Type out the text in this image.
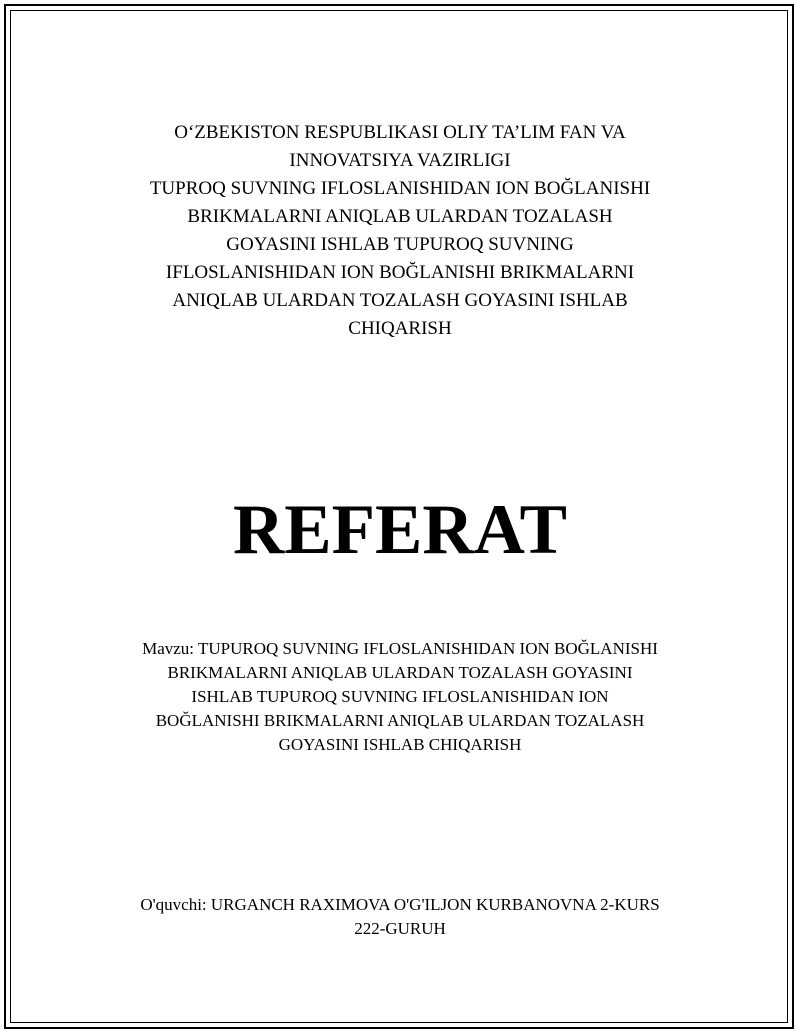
O‘ZBEKISTON RESPUBLIKASI OLIY TA’LIM FAN VA
INNOVATSIYA VAZIRLIGI
TUPROQ SUVNING IFLOSLANISHIDAN ION BOĞLANISHI
BRIKMALARNI ANIQLAB ULARDAN TOZALASH
GOYASINI ISHLAB TUPUROQ SUVNING
IFLOSLANISHIDAN ION BOĞLANISHI BRIKMALARNI
ANIQLAB ULARDAN TOZALASH GOYASINI ISHLAB
CHIQARISH
REFERAT
Mavzu: TUPUROQ SUVNING IFLOSLANISHIDAN ION BOĞLANISHI
BRIKMALARNI ANIQLAB ULARDAN TOZALASH GOYASINI
ISHLAB TUPUROQ SUVNING IFLOSLANISHIDAN ION
BOĞLANISHI BRIKMALARNI ANIQLAB ULARDAN TOZALASH
GOYASINI ISHLAB CHIQARISH
O'quvchi: URGANCH RAXIMOVA O'G'ILJON KURBANOVNA 2-KURS
222-GURUH
